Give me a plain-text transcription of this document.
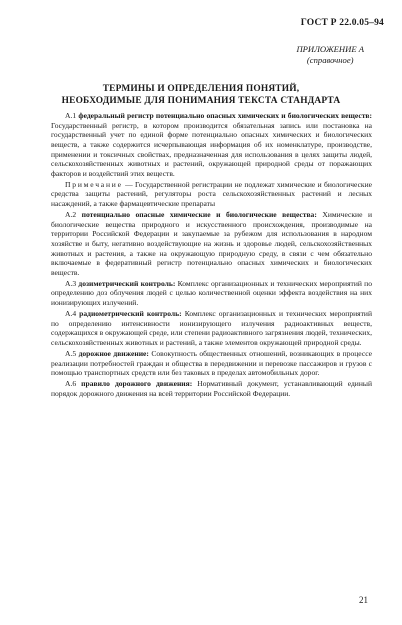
ГОСТ Р 22.0.05–94
ПРИЛОЖЕНИЕ А
(справочное)
ТЕРМИНЫ И ОПРЕДЕЛЕНИЯ ПОНЯТИЙ,
НЕОБХОДИМЫЕ ДЛЯ ПОНИМАНИЯ ТЕКСТА СТАНДАРТА

А.1 федеральный регистр потенциально опасных химических и биологических веществ: Государственный регистр, в котором производится обязательная запись или постановка на государственный учет по единой форме потенциально опасных химических и биологических веществ, а также содержится исчерпывающая информация об их номенклатуре, производстве, применении и токсичных свойствах, предназначенная для использования в целях защиты людей, сельскохозяйственных животных и растений, окружающей природной среды от поражающих факторов и воздействий этих веществ.

Примечание — Государственной регистрации не подлежат химические и биологические средства защиты растений, регуляторы роста сельскохозяйственных растений и лесных насаждений, а также фармацевтические препараты

А.2 потенциально опасные химические и биологические вещества: Химические и биологические вещества природного и искусственного происхождения, производимые на территории Российской Федерации и закупаемые за рубежом для использования в народном хозяйстве и быту, негативно воздействующие на жизнь и здоровье людей, сельскохозяйственных животных и растения, а также на окружающую природную среду, в связи с чем обязательно включаемые в федеративный регистр потенциально опасных химических и биологических веществ.

А.3 дозиметрический контроль: Комплекс организационных и технических мероприятий по определению доз облучения людей с целью количественной оценки эффекта воздействия на них ионизирующих излучений.

А.4 радиометрический контроль: Комплекс организационных и технических мероприятий по определению интенсивности ионизирующего излучения радиоактивных веществ, содержащихся в окружающей среде, или степени радиоактивного загрязнения людей, технических, сельскохозяйственных животных и растений, а также элементов окружающей природной среды.

А.5 дорожное движение: Совокупность общественных отношений, возникающих в процессе реализации потребностей граждан и общества в передвижении и перевозке пассажиров и грузов с помощью транспортных средств или без таковых в пределах автомобильных дорог.

А.6 правило дорожного движения: Нормативный документ, устанавливающий единый порядок дорожного движения на всей территории Российской Федерации.

21
